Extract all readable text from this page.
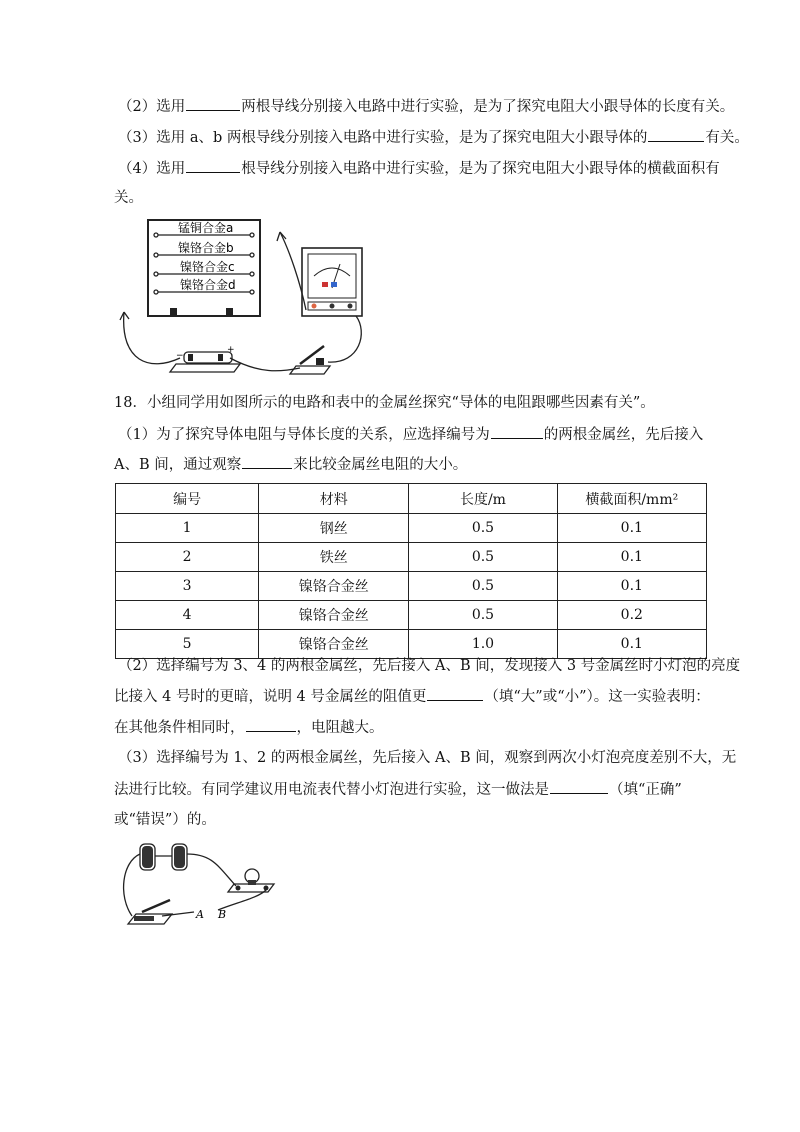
（2）选用	两根导线分别接入电路中进行实验，是为了探究电阻大小跟导体的长度有关。
（3）选用 a、b 两根导线分别接入电路中进行实验，是为了探究电阻大小跟导体的	有关。
（4）选用	根导线分别接入电路中进行实验，是为了探究电阻大小跟导体的横截面积有
关。
锰铜合金a
镍铬合金b
镍铬合金c
镍铬合金d
−
+
18．小组同学用如图所示的电路和表中的金属丝探究“导体的电阻跟哪些因素有关”。
（1）为了探究导体电阻与导体长度的关系，应选择编号为	的两根金属丝，先后接入
A、B 间，通过观察	来比较金属丝电阻的大小。
编号	材料	长度/m	横截面积/mm²
1	钢丝	0.5	0.1
2	铁丝	0.5	0.1
3	镍铬合金丝	0.5	0.1
4	镍铬合金丝	0.5	0.2
5	镍铬合金丝	1.0	0.1
（2）选择编号为 3、4 的两根金属丝，先后接入 A、B 间，发现接入 3 号金属丝时小灯泡的亮度
比接入 4 号时的更暗，说明 4 号金属丝的阻值更	（填“大”或“小”）。这一实验表明：
在其他条件相同时，	，电阻越大。
（3）选择编号为 1、2 的两根金属丝，先后接入 A、B 间，观察到两次小灯泡亮度差别不大，无
法进行比较。有同学建议用电流表代替小灯泡进行实验，这一做法是	（填“正确”
或“错误”）的。
A B
